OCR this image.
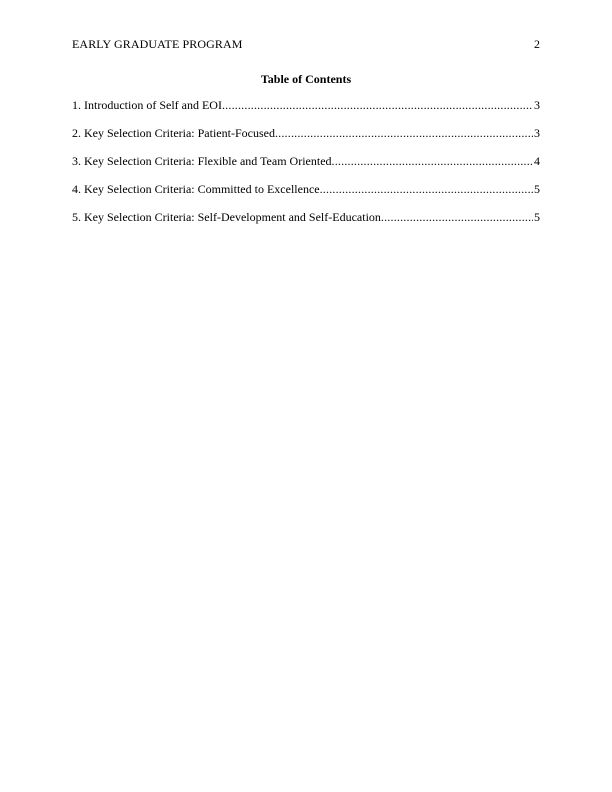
EARLY GRADUATE PROGRAM	2
Table of Contents
1. Introduction of Self and EOI .....	3
2. Key Selection Criteria: Patient-Focused .....	3
3. Key Selection Criteria: Flexible and Team Oriented .....	4
4. Key Selection Criteria: Committed to Excellence .....	5
5. Key Selection Criteria: Self-Development and Self-Education .....	5
